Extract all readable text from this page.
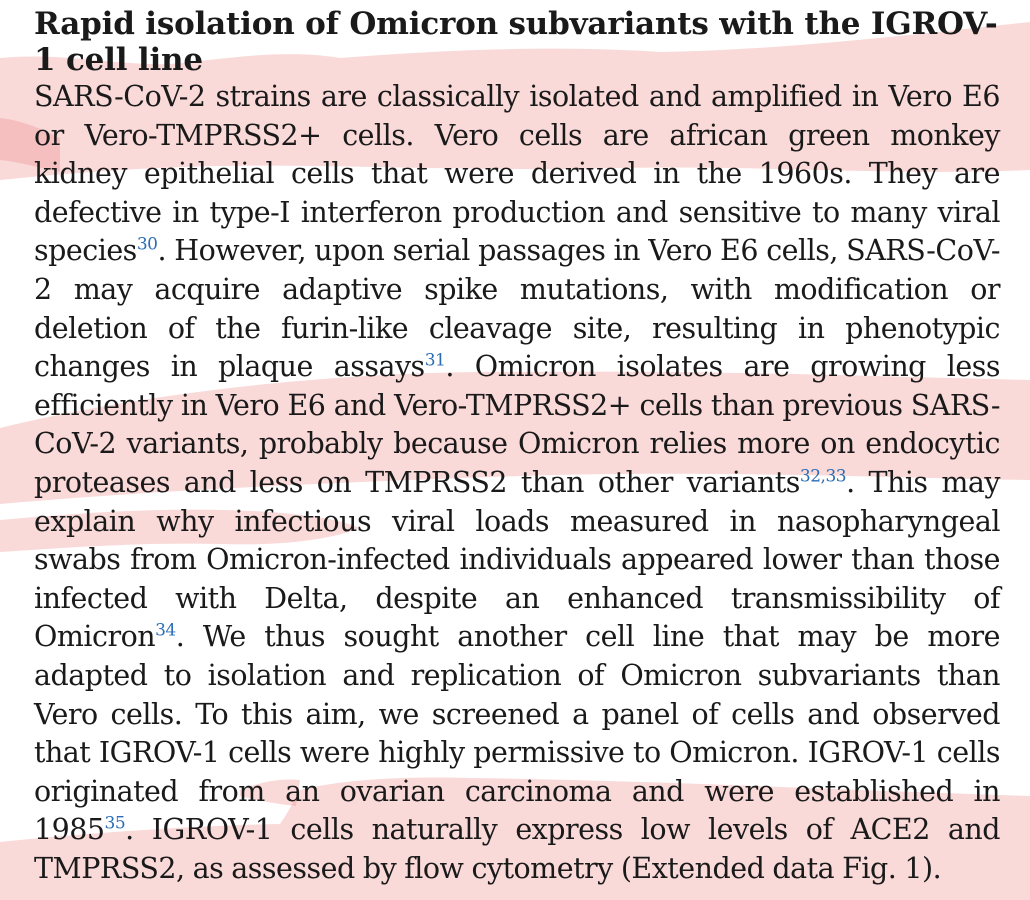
Rapid isolation of Omicron subvariants with the IGROV-1 cell line

SARS-CoV-2 strains are classically isolated and amplified in Vero E6 or Vero-TMPRSS2+ cells. Vero cells are african green monkey kidney epithelial cells that were derived in the 1960s. They are defective in type-I interferon production and sensitive to many viral species$^{30}$. However, upon serial passages in Vero E6 cells, SARS-CoV-2 may acquire adaptive spike mutations, with modification or deletion of the furin-like cleavage site, resulting in phenotypic changes in plaque assays$^{31}$. Omicron isolates are growing less efficiently in Vero E6 and Vero-TMPRSS2+ cells than previous SARS-CoV-2 variants, probably because Omicron relies more on endocytic proteases and less on TMPRSS2 than other variants$^{32,33}$. This may explain why infectious viral loads measured in nasopharyngeal swabs from Omicron-infected individuals appeared lower than those infected with Delta, despite an enhanced transmissibility of Omicron$^{34}$. We thus sought another cell line that may be more adapted to isolation and replication of Omicron subvariants than Vero cells. To this aim, we screened a panel of cells and observed that IGROV-1 cells were highly permissive to Omicron. IGROV-1 cells originated from an ovarian carcinoma and were established in 1985$^{35}$. IGROV-1 cells naturally express low levels of ACE2 and TMPRSS2, as assessed by flow cytometry (Extended data Fig. 1).
